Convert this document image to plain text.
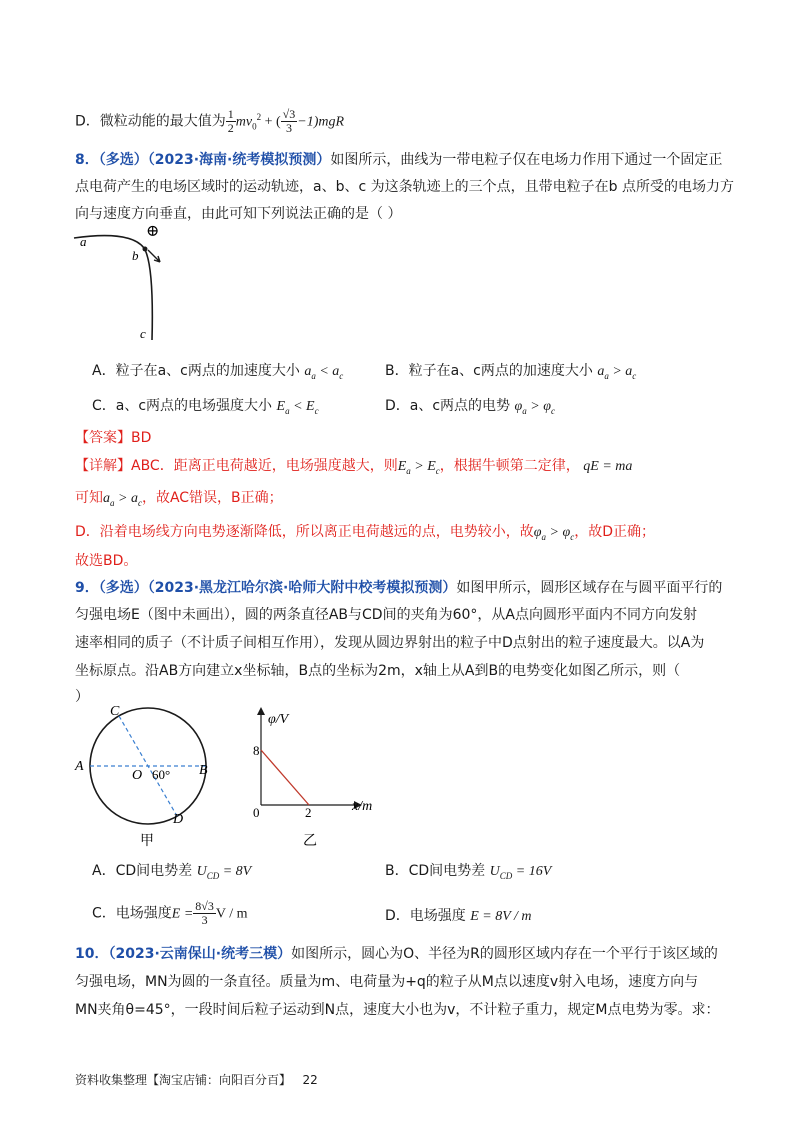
D．微粒动能的最大值为 $\frac{1}{2} mv_0^2$ + ( $\frac{√3}{3} -1)mgR$
8．（多选）（2023·海南·统考模拟预测）如图所示，曲线为一带电粒子仅在电场力作用下通过一个固定正
点电荷产生的电场区域时的运动轨迹，a、b、c 为这条轨迹上的三个点，且带电粒子在b 点所受的电场力方
向与速度方向垂直，由此可知下列说法正确的是（ ）
⊕
a
b
c
A．粒子在a、c两点的加速度大小 $a_a < a_c$	B．粒子在a、c两点的加速度大小 $a_a > a_c$
C．a、c两点的电场强度大小 $E_a < E_c$	D．a、c两点的电势 $\varphi_a > \varphi_c$
【答案】BD
【详解】ABC．距离正电荷越近，电场强度越大，则$E_a > E_c$，根据牛顿第二定律， qE = ma
可知$a_a > a_c$，故AC错误，B正确；
D．沿着电场线方向电势逐渐降低，所以离正电荷越远的点，电势较小，故$\varphi_a > \varphi_c$，故D正确；
故选BD。
9．（多选）（2023·黑龙江哈尔滨·哈师大附中校考模拟预测）如图甲所示，圆形区域存在与圆平面平行的
匀强电场E（图中未画出），圆的两条直径AB与CD间的夹角为60°，从A点向圆形平面内不同方向发射
速率相同的质子（不计质子间相互作用），发现从圆边界射出的粒子中D点射出的粒子速度最大。以A为
坐标原点。沿AB方向建立x坐标轴，B点的坐标为2m，x轴上从A到B的电势变化如图乙所示，则（
）
C
A	B
O 60°
D
甲
φ/V
8
0	2	x/m
乙
A．CD间电势差 $U_{CD} = 8V$	B．CD间电势差 $U_{CD} = 16V$
C．电场强度$E = \frac{8√3}{3}$ V / m	D．电场强度 E = 8V / m
10．（2023·云南保山·统考三模）如图所示，圆心为O、半径为R的圆形区域内存在一个平行于该区域的
匀强电场，MN为圆的一条直径。质量为m、电荷量为+q的粒子从M点以速度v射入电场，速度方向与
MN夹角θ=45°，一段时间后粒子运动到N点，速度大小也为v，不计粒子重力，规定M点电势为零。求：
资料收集整理【淘宝店铺：向阳百分百】 22
